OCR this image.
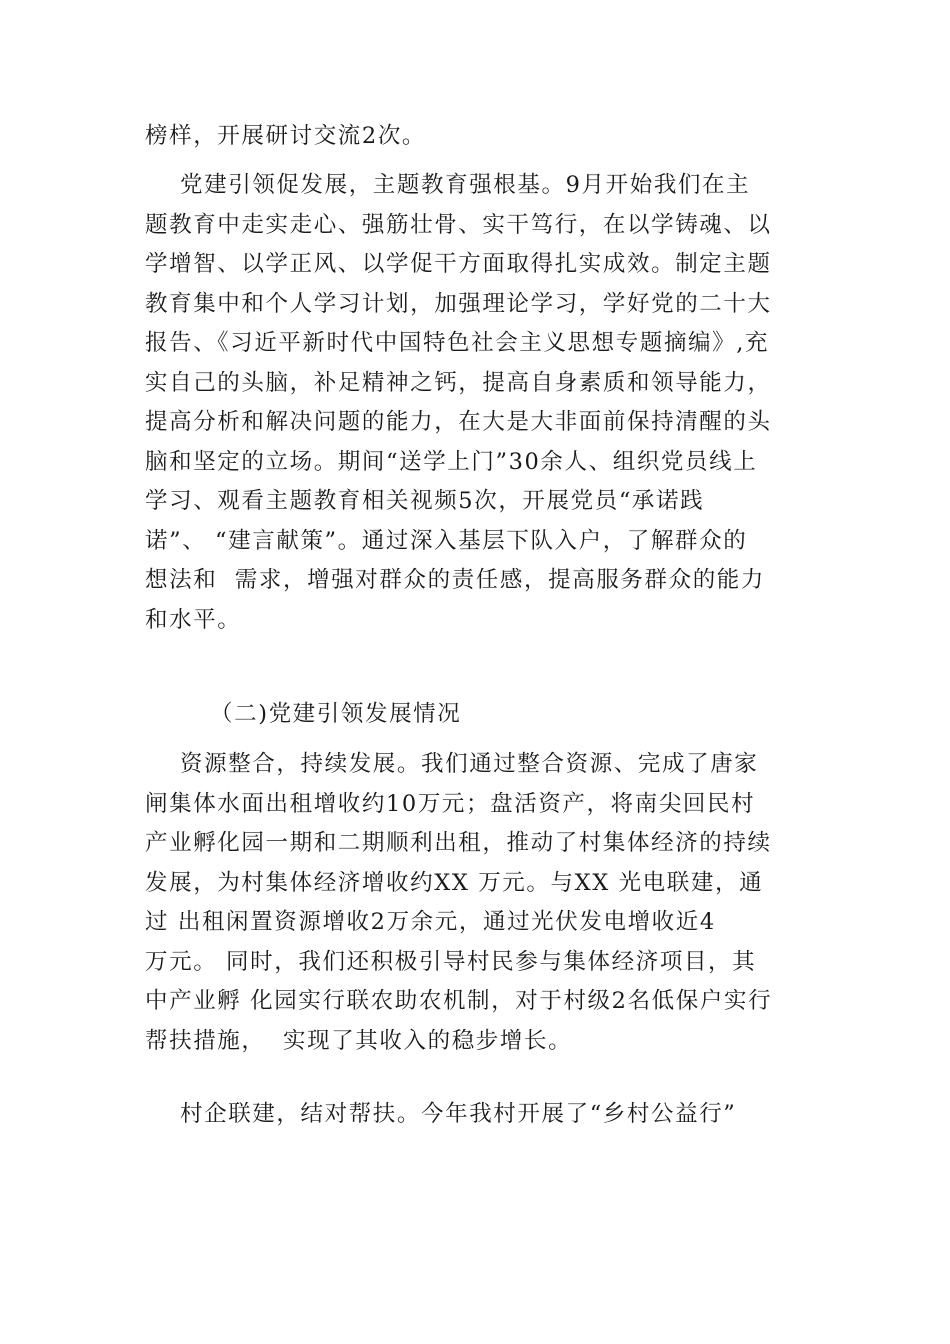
榜样，开展研讨交流2次。
党建引领促发展，主题教育强根基。9月开始我们在主
题教育中走实走心、强筋壮骨、实干笃行，在以学铸魂、以
学增智、以学正风、以学促干方面取得扎实成效。制定主题
教育集中和个人学习计划，加强理论学习，学好党的二十大
报告、《习近平新时代中国特色社会主义思想专题摘编》,充
实自己的头脑，补足精神之钙，提高自身素质和领导能力，
提高分析和解决问题的能力，在大是大非面前保持清醒的头
脑和坚定的立场。期间“送学上门”30余人、组织党员线上
学习、观看主题教育相关视频5次，开展党员“承诺践
诺”、 “建言献策”。通过深入基层下队入户，了解群众的
想法和  需求，增强对群众的责任感，提高服务群众的能力
和水平。
（二)党建引领发展情况
资源整合，持续发展。我们通过整合资源、完成了唐家
闸集体水面出租增收约10万元；盘活资产，将南尖回民村
产业孵化园一期和二期顺利出租，推动了村集体经济的持续
发展，为村集体经济增收约XX 万元。与XX 光电联建，通
过 出租闲置资源增收2万余元，通过光伏发电增收近4
万元。 同时，我们还积极引导村民参与集体经济项目，其
中产业孵 化园实行联农助农机制，对于村级2名低保户实行
帮扶措施，  实现了其收入的稳步增长。
村企联建，结对帮扶。今年我村开展了“乡村公益行”
